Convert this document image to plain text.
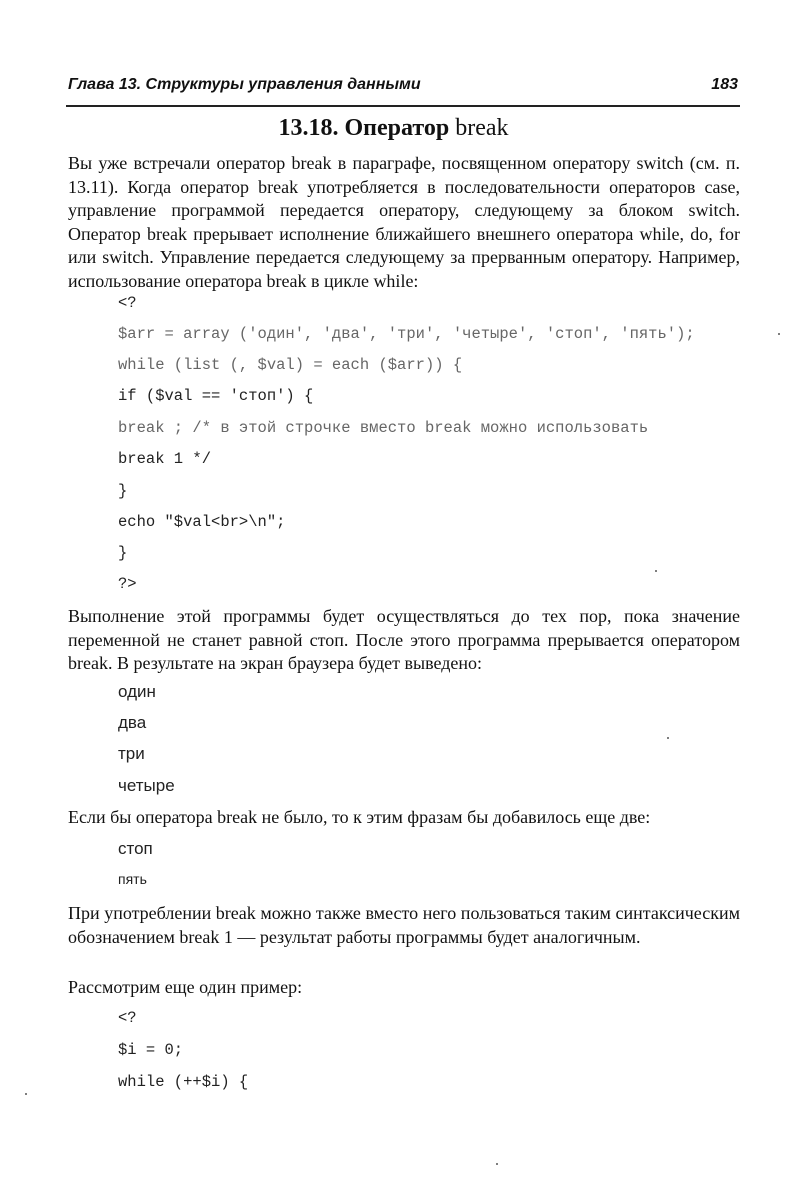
Глава 13. Структуры управления данными	183
13.18. Оператор break
Вы уже встречали оператор break в параграфе, посвященном оператору switch (см. п. 13.11). Когда оператор break употребляется в последовательности операторов case, управление программой передается оператору, следующему за блоком switch. Оператор break прерывает исполнение ближайшего внешнего оператора while, do, for или switch. Управление передается следующему за прерванным оператору. Например, использование оператора break в цикле while:
<?
$arr = array ('один', 'два', 'три', 'четыре', 'стоп', 'пять');
while (list (, $val) = each ($arr)) {
if ($val == 'стоп') {
break ; /* в этой строчке вместо break можно использовать
break 1 */
}
echo "$val<br>\n";
}
?>
Выполнение этой программы будет осуществляться до тех пор, пока значение переменной не станет равной стоп. После этого программа прерывается оператором break. В результате на экран браузера будет выведено:
один
два
три
четыре
Если бы оператора break не было, то к этим фразам бы добавилось еще две:
стоп
пять
При употреблении break можно также вместо него пользоваться таким синтаксическим обозначением break 1 — результат работы программы будет аналогичным.
Рассмотрим еще один пример:
<?
$i = 0;
while (++$i) {
